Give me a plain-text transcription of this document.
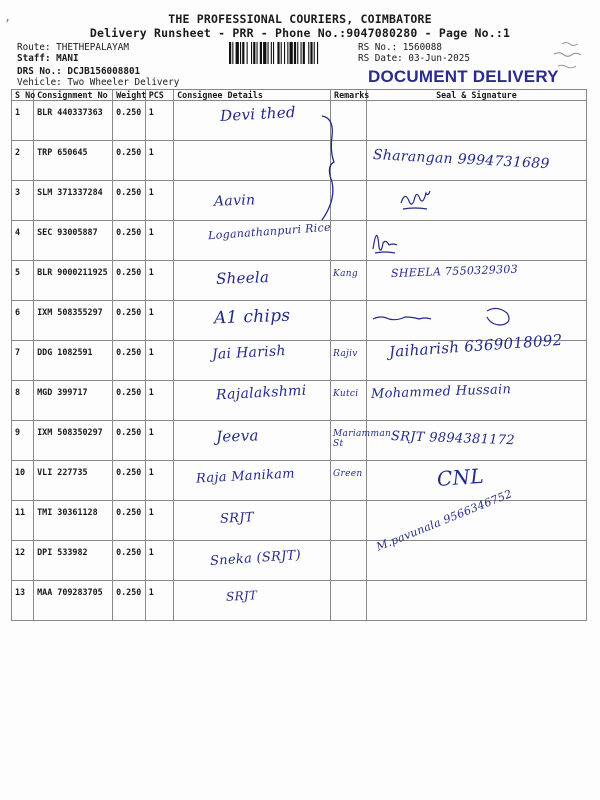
‚	THE PROFESSIONAL COURIERS, COIMBATORE
Delivery Runsheet - PRR - Phone No.:9047080280 - Page No.:1
Route: THETHEPALAYAM
Staff: MANI
DRS No.: DCJB156008801
Vehicle: Two Wheeler Delivery
RS No.: 1560088
RS Date: 03-Jun-2025
DOCUMENT DELIVERY
S No	Consignment No	Weight	PCS	Consignee Details	Remarks	Seal & Signature
1	BLR 440337363	0.250	1	Devi thed		

2	TRP 650645	0.250	1			Sharangan 9994731689

3	SLM 371337284	0.250	1	Aavin

4	SEC 93005887	0.250	1	Loganathanpuri Rice

5	BLR 9000211925	0.250	1	Sheela	Kang	SHEELA 7550329303

6	IXM 508355297	0.250	1	A1 chips

7	DDG 1082591	0.250	1	Jai Harish	Rajiv	Jaiharish 6369018092

8	MGD 399717	0.250	1	Rajalakshmi	Kutci	Mohammed Hussain

9	IXM 508350297	0.250	1	Jeeva	Mariamman St	SRJT 9894381172

10	VLI 227735	0.250	1	Raja Manikam	Green	CNL

11	TMI 30361128	0.250	1	SRJT		

12	DPI 533982	0.250	1	Sneka (SRJT)		M.pavunala 9566346752

13	MAA 709283705	0.250	1	SRJT		
